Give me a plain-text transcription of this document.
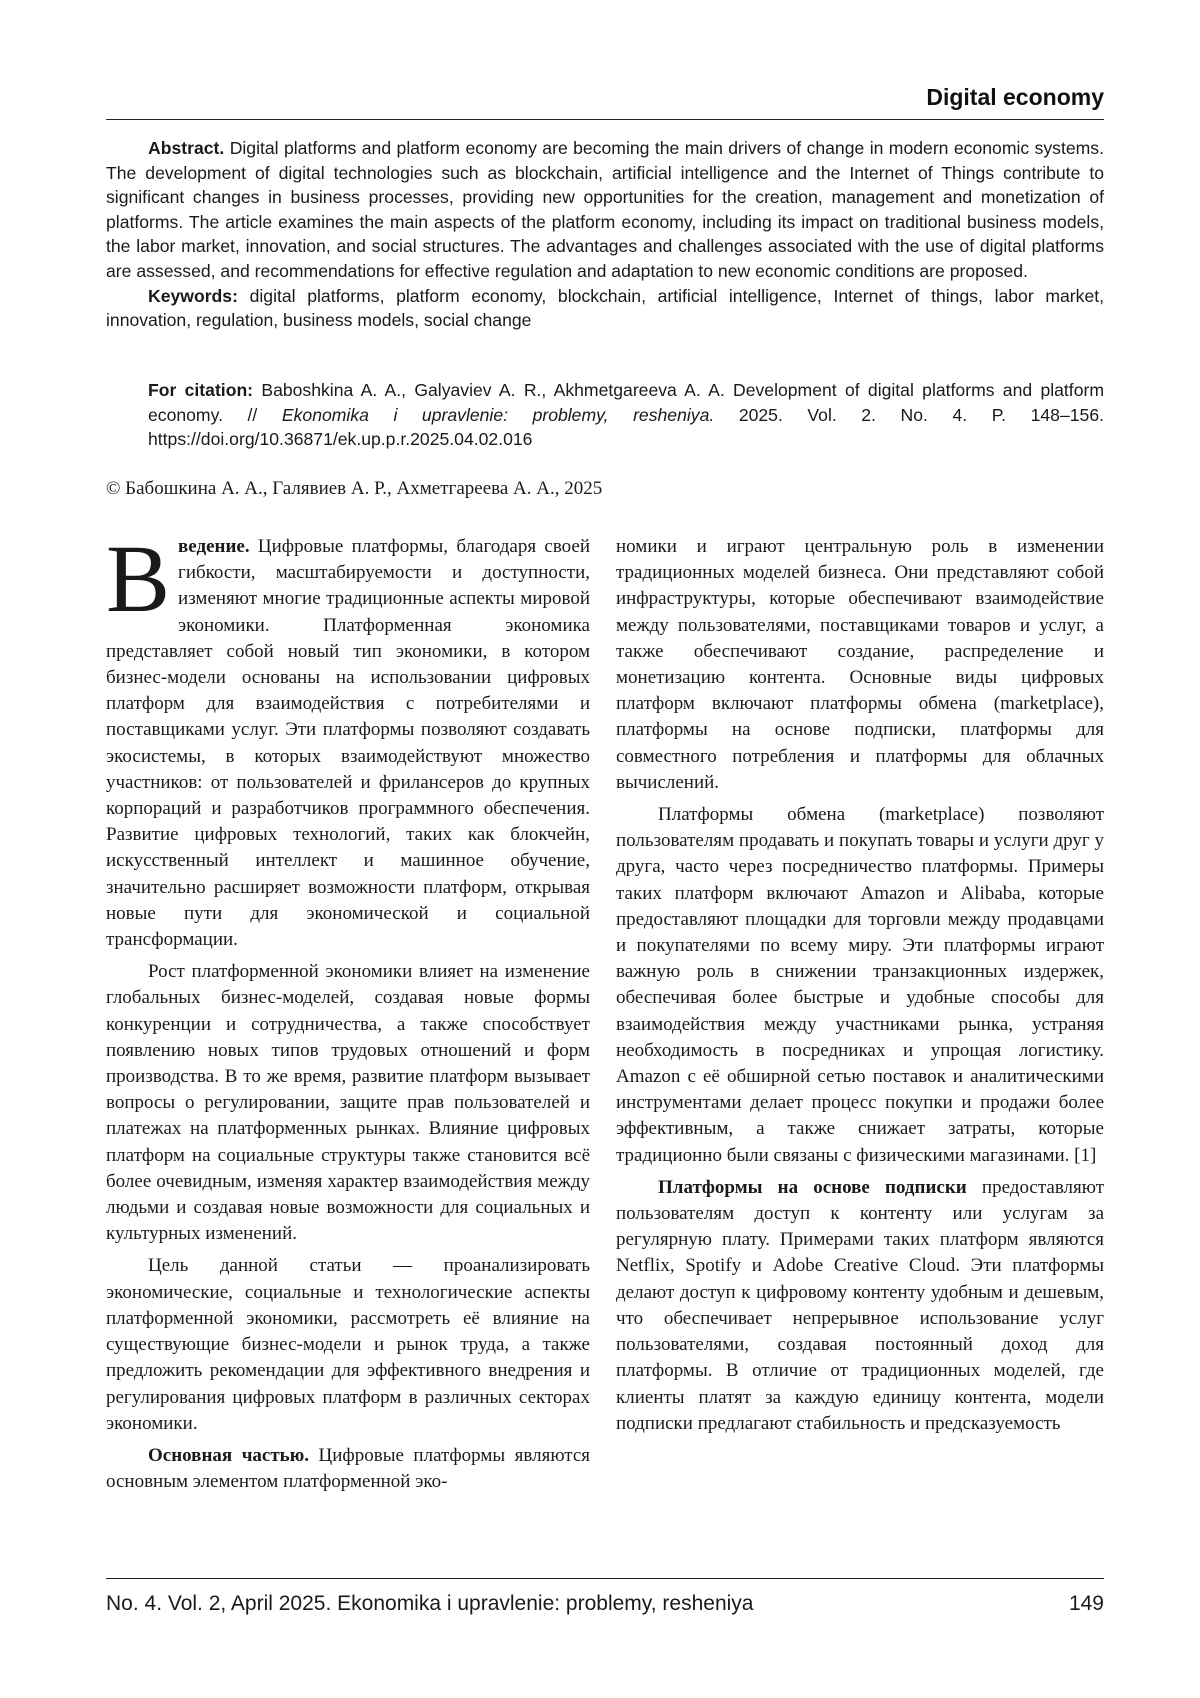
Digital economy

Abstract. Digital platforms and platform economy are becoming the main drivers of change in modern economic systems. The development of digital technologies such as blockchain, artificial intelligence and the Internet of Things contribute to significant changes in business processes, providing new opportunities for the creation, management and monetization of platforms. The article examines the main aspects of the platform economy, including its impact on traditional business models, the labor market, innovation, and social structures. The advantages and challenges associated with the use of digital platforms are assessed, and recommendations for effective regulation and adaptation to new economic conditions are proposed.

Keywords: digital platforms, platform economy, blockchain, artificial intelligence, Internet of things, labor market, innovation, regulation, business models, social change

For citation: Baboshkina A. A., Galyaviev A. R., Akhmetgareeva A. A. Development of digital platforms and platform economy. // Ekonomika i upravlenie: problemy, resheniya. 2025. Vol. 2. No. 4. P. 148–156. https://doi.org/10.36871/ek.up.p.r.2025.04.02.016

© Бабошкина А. А., Галявиев А. Р., Ахметгареева А. А., 2025

Введение. Цифровые платформы, благодаря своей гибкости, масштабируемости и доступности, изменяют многие традиционные аспекты мировой экономики. Платформенная экономика представляет собой новый тип экономики, в котором бизнес-модели основаны на использовании цифровых платформ для взаимодействия с потребителями и поставщиками услуг. Эти платформы позволяют создавать экосистемы, в которых взаимодействуют множество участников: от пользователей и фрилансеров до крупных корпораций и разработчиков программного обеспечения. Развитие цифровых технологий, таких как блокчейн, искусственный интеллект и машинное обучение, значительно расширяет возможности платформ, открывая новые пути для экономической и социальной трансформации.

Рост платформенной экономики влияет на изменение глобальных бизнес-моделей, создавая новые формы конкуренции и сотрудничества, а также способствует появлению новых типов трудовых отношений и форм производства. В то же время, развитие платформ вызывает вопросы о регулировании, защите прав пользователей и платежах на платформенных рынках. Влияние цифровых платформ на социальные структуры также становится всё более очевидным, изменяя характер взаимодействия между людьми и создавая новые возможности для социальных и культурных изменений.

Цель данной статьи — проанализировать экономические, социальные и технологические аспекты платформенной экономики, рассмотреть её влияние на существующие бизнес-модели и рынок труда, а также предложить рекомендации для эффективного внедрения и регулирования цифровых платформ в различных секторах экономики.

Основная частью. Цифровые платформы являются основным элементом платформенной эко-

номики и играют центральную роль в изменении традиционных моделей бизнеса. Они представляют собой инфраструктуры, которые обеспечивают взаимодействие между пользователями, поставщиками товаров и услуг, а также обеспечивают создание, распределение и монетизацию контента. Основные виды цифровых платформ включают платформы обмена (marketplace), платформы на основе подписки, платформы для совместного потребления и платформы для облачных вычислений.

Платформы обмена (marketplace) позволяют пользователям продавать и покупать товары и услуги друг у друга, часто через посредничество платформы. Примеры таких платформ включают Amazon и Alibaba, которые предоставляют площадки для торговли между продавцами и покупателями по всему миру. Эти платформы играют важную роль в снижении транзакционных издержек, обеспечивая более быстрые и удобные способы для взаимодействия между участниками рынка, устраняя необходимость в посредниках и упрощая логистику. Amazon с её обширной сетью поставок и аналитическими инструментами делает процесс покупки и продажи более эффективным, а также снижает затраты, которые традиционно были связаны с физическими магазинами. [1]

Платформы на основе подписки предоставляют пользователям доступ к контенту или услугам за регулярную плату. Примерами таких платформ являются Netflix, Spotify и Adobe Creative Cloud. Эти платформы делают доступ к цифровому контенту удобным и дешевым, что обеспечивает непрерывное использование услуг пользователями, создавая постоянный доход для платформы. В отличие от традиционных моделей, где клиенты платят за каждую единицу контента, модели подписки предлагают стабильность и предсказуемость

No. 4. Vol. 2, April 2025. Ekonomika i upravlenie: problemy, resheniya	149
